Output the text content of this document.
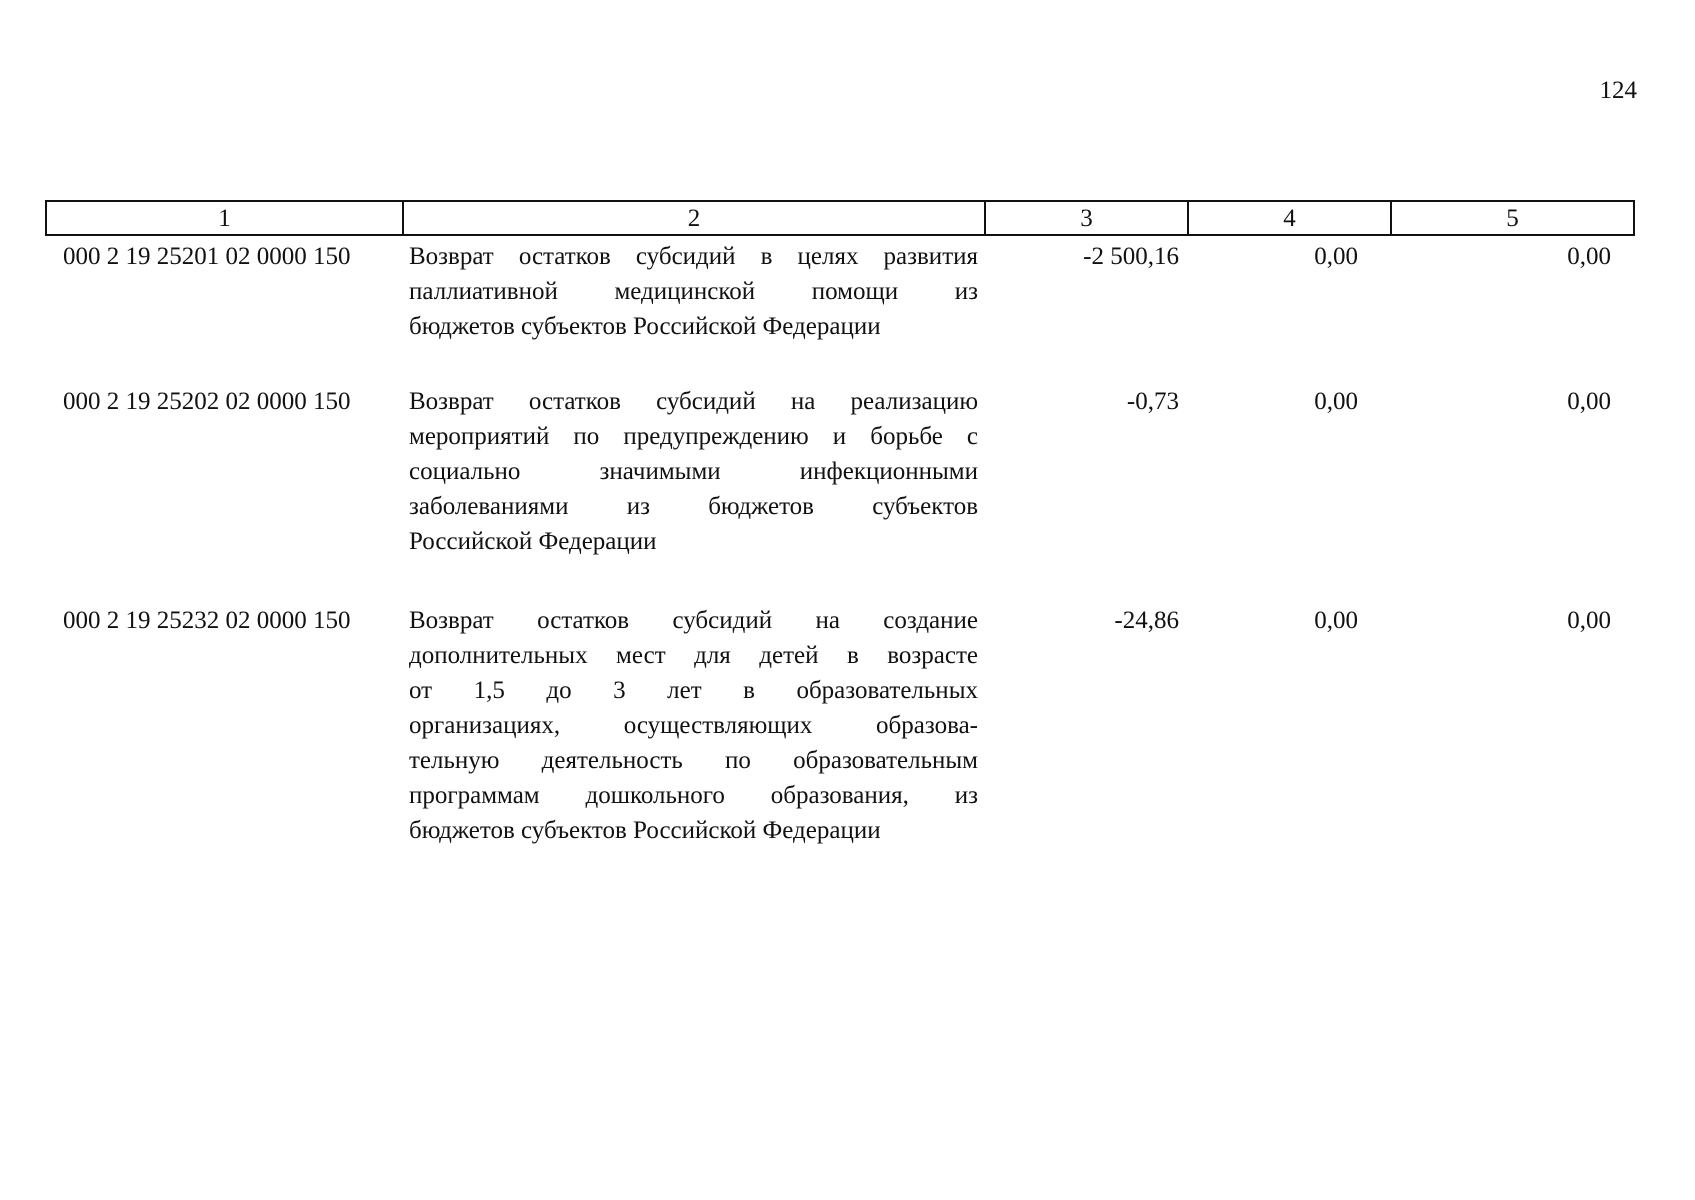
124
1	2	3	4	5
000 2 19 25201 02 0000 150	Возврат остатков субсидий в целях развития
паллиативной медицинской помощи из
бюджетов субъектов Российской Федерации
-2 500,16	0,00	0,00
000 2 19 25202 02 0000 150	Возврат остатков субсидий на реализацию
мероприятий по предупреждению и борьбе с
социально значимыми инфекционными
заболеваниями из бюджетов субъектов
Российской Федерации
-0,73	0,00	0,00
000 2 19 25232 02 0000 150	Возврат остатков субсидий на создание
дополнительных мест для детей в возрасте
от 1,5 до 3 лет в образовательных
организациях, осуществляющих образова-
тельную деятельность по образовательным
программам дошкольного образования, из
бюджетов субъектов Российской Федерации
-24,86	0,00	0,00
